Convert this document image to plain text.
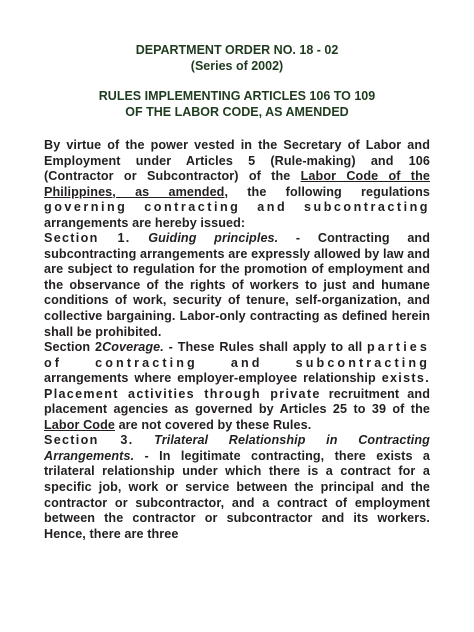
DEPARTMENT ORDER NO. 18 - 02
(Series of 2002)
RULES IMPLEMENTING ARTICLES 106 TO 109
OF THE LABOR CODE, AS AMENDED

By virtue of the power vested in the Secretary of Labor and Employment under Articles 5 (Rule-making) and 106 (Contractor or Subcontractor) of the Labor Code of the Philippines, as amended, the following regulations governing contracting and subcontracting arrangements are hereby issued:

Section 1. Guiding principles. - Contracting and subcontracting arrangements are expressly allowed by law and are subject to regulation for the promotion of employment and the observance of the rights of workers to just and humane conditions of work, security of tenure, self-organization, and collective bargaining. Labor-only contracting as defined herein shall be prohibited.

Section 2Coverage. - These Rules shall apply to all parties of contracting and subcontracting arrangements where employer-employee relationship exists. Placement activities through private recruitment and placement agencies as governed by Articles 25 to 39 of the Labor Code are not covered by these Rules.

Section 3. Trilateral Relationship in Contracting Arrangements. - In legitimate contracting, there exists a trilateral relationship under which there is a contract for a specific job, work or service between the principal and the contractor or subcontractor, and a contract of employment between the contractor or subcontractor and its workers. Hence, there are three
